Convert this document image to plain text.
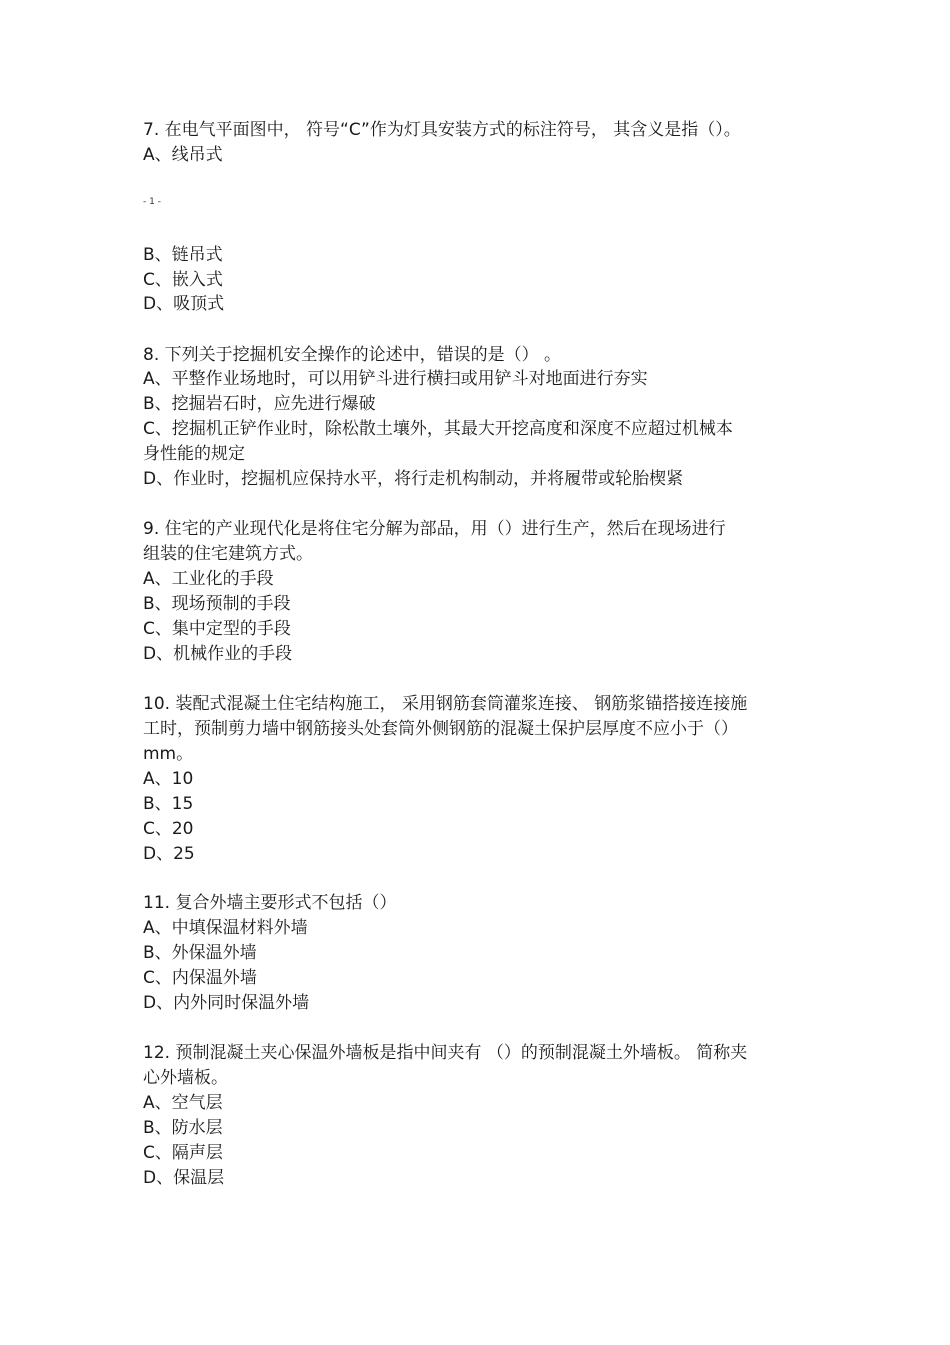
7. 在电气平面图中， 符号“C”作为灯具安装方式的标注符号， 其含义是指（）。
A、线吊式
- 1 -
B、链吊式
C、嵌入式
D、吸顶式
8. 下列关于挖掘机安全操作的论述中，错误的是（） 。
A、平整作业场地时，可以用铲斗进行横扫或用铲斗对地面进行夯实
B、挖掘岩石时，应先进行爆破
C、挖掘机正铲作业时，除松散土壤外，其最大开挖高度和深度不应超过机械本
身性能的规定
D、作业时，挖掘机应保持水平，将行走机构制动，并将履带或轮胎楔紧
9. 住宅的产业现代化是将住宅分解为部品，用（）进行生产，然后在现场进行
组装的住宅建筑方式。
A、工业化的手段
B、现场预制的手段
C、集中定型的手段
D、机械作业的手段
10. 装配式混凝土住宅结构施工， 采用钢筋套筒灌浆连接、 钢筋浆锚搭接连接施
工时，预制剪力墙中钢筋接头处套筒外侧钢筋的混凝土保护层厚度不应小于（）
mm。
A、10
B、15
C、20
D、25
11. 复合外墙主要形式不包括（）
A、中填保温材料外墙
B、外保温外墙
C、内保温外墙
D、内外同时保温外墙
12. 预制混凝土夹心保温外墙板是指中间夹有 （）的预制混凝土外墙板。 简称夹
心外墙板。
A、空气层
B、防水层
C、隔声层
D、保温层
